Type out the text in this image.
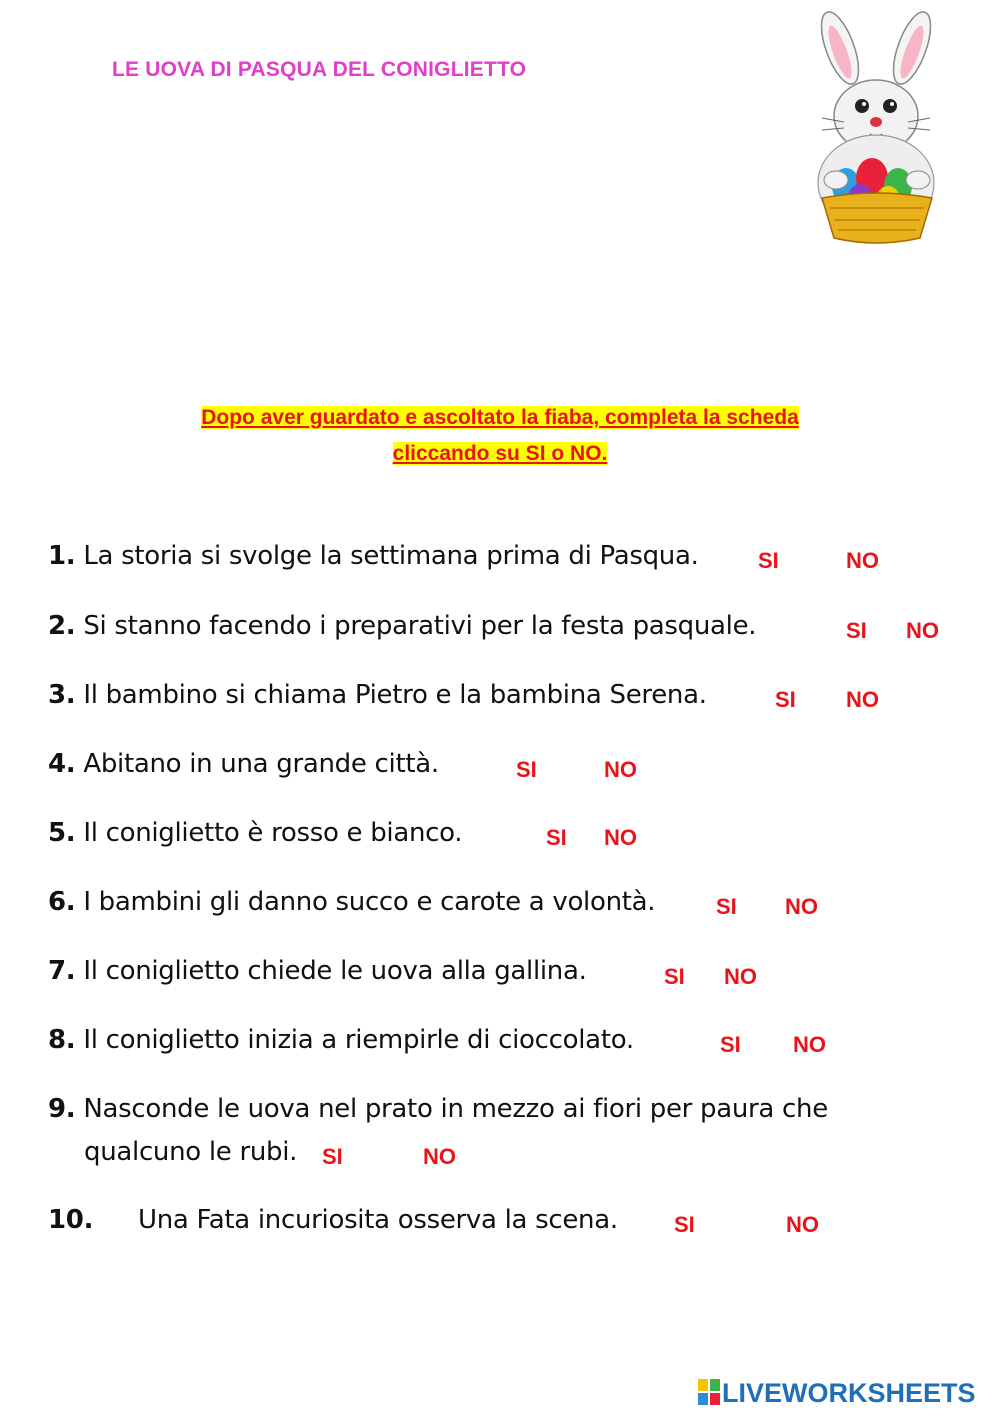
LE UOVA DI PASQUA DEL CONIGLIETTO
Dopo aver guardato e ascoltato la fiaba, completa la scheda
cliccando su SI o NO.
1. La storia si svolge la settimana prima di Pasqua.	SI	NO
2. Si stanno facendo i preparativi per la festa pasquale.	SI NO
3. Il bambino si chiama Pietro e la bambina Serena.	SI NO
4. Abitano in una grande città.	SI	NO
5. Il coniglietto è rosso e bianco.	SI NO
6. I bambini gli danno succo e carote a volontà.	SI NO
7. Il coniglietto chiede le uova alla gallina.	SI NO
8. Il coniglietto inizia a riempirle di cioccolato.	SI NO
9. Nasconde le uova nel prato in mezzo ai fiori per paura che
qualcuno le rubi. SI	NO
10. Una Fata incuriosita osserva la scena.	SI	NO
LIVEWORKSHEETS
